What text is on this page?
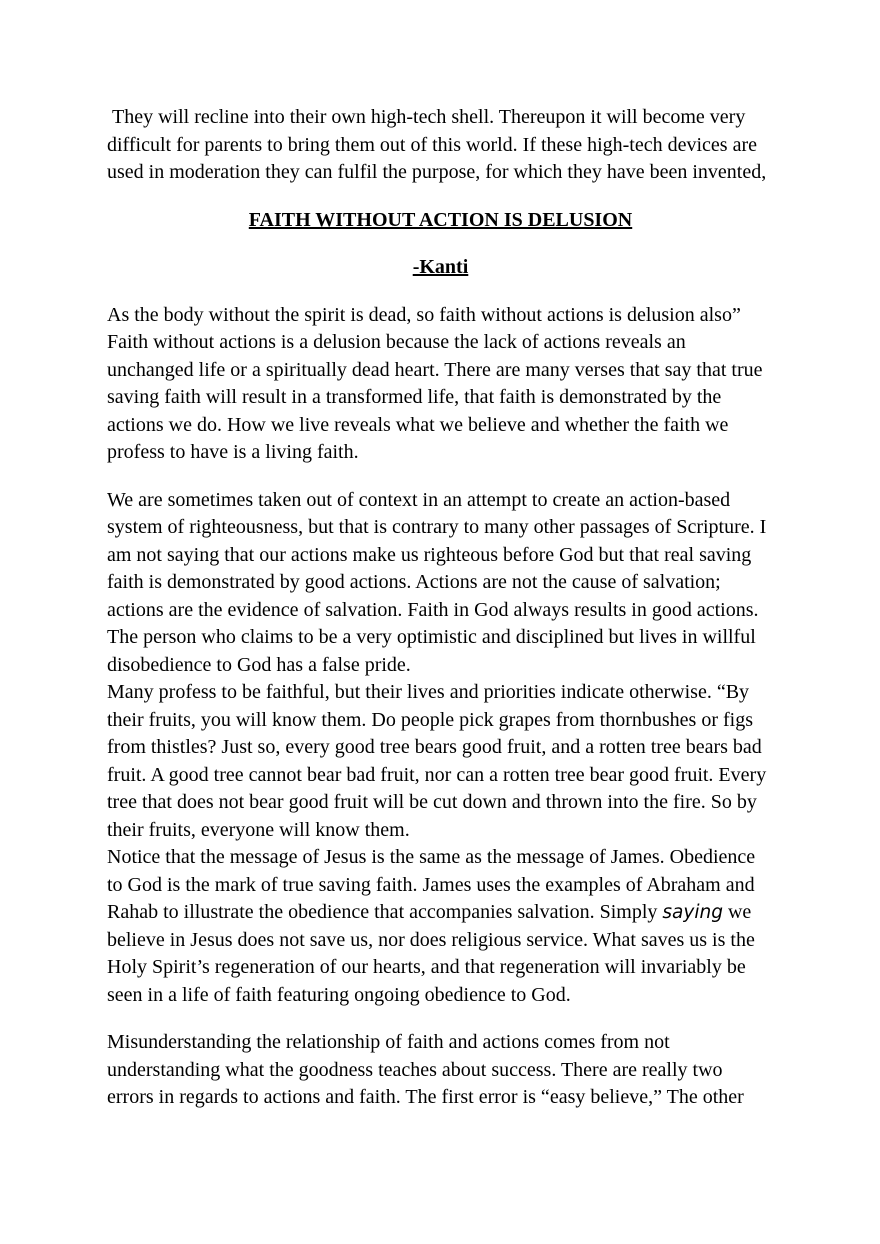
They will recline into their own high-tech shell. Thereupon it will become very difficult for parents to bring them out of this world. If these high-tech devices are used in moderation they can fulfil the purpose, for which they have been invented,

FAITH WITHOUT ACTION IS DELUSION
-Kanti

As the body without the spirit is dead, so faith without actions is delusion also” Faith without actions is a delusion because the lack of actions reveals an unchanged life or a spiritually dead heart. There are many verses that say that true saving faith will result in a transformed life, that faith is demonstrated by the actions we do. How we live reveals what we believe and whether the faith we profess to have is a living faith.

We are sometimes taken out of context in an attempt to create an action-based system of righteousness, but that is contrary to many other passages of Scripture. I am not saying that our actions make us righteous before God but that real saving faith is demonstrated by good actions. Actions are not the cause of salvation; actions are the evidence of salvation. Faith in God always results in good actions. The person who claims to be a very optimistic and disciplined but lives in willful disobedience to God has a false pride.

Many profess to be faithful, but their lives and priorities indicate otherwise. “By their fruits, you will know them. Do people pick grapes from thornbushes or figs from thistles? Just so, every good tree bears good fruit, and a rotten tree bears bad fruit. A good tree cannot bear bad fruit, nor can a rotten tree bear good fruit. Every tree that does not bear good fruit will be cut down and thrown into the fire. So by their fruits, everyone will know them.

Notice that the message of Jesus is the same as the message of James. Obedience to God is the mark of true saving faith. James uses the examples of Abraham and Rahab to illustrate the obedience that accompanies salvation. Simply saying we believe in Jesus does not save us, nor does religious service. What saves us is the Holy Spirit’s regeneration of our hearts, and that regeneration will invariably be seen in a life of faith featuring ongoing obedience to God.

Misunderstanding the relationship of faith and actions comes from not understanding what the goodness teaches about success. There are really two errors in regards to actions and faith. The first error is “easy believe,” The other
